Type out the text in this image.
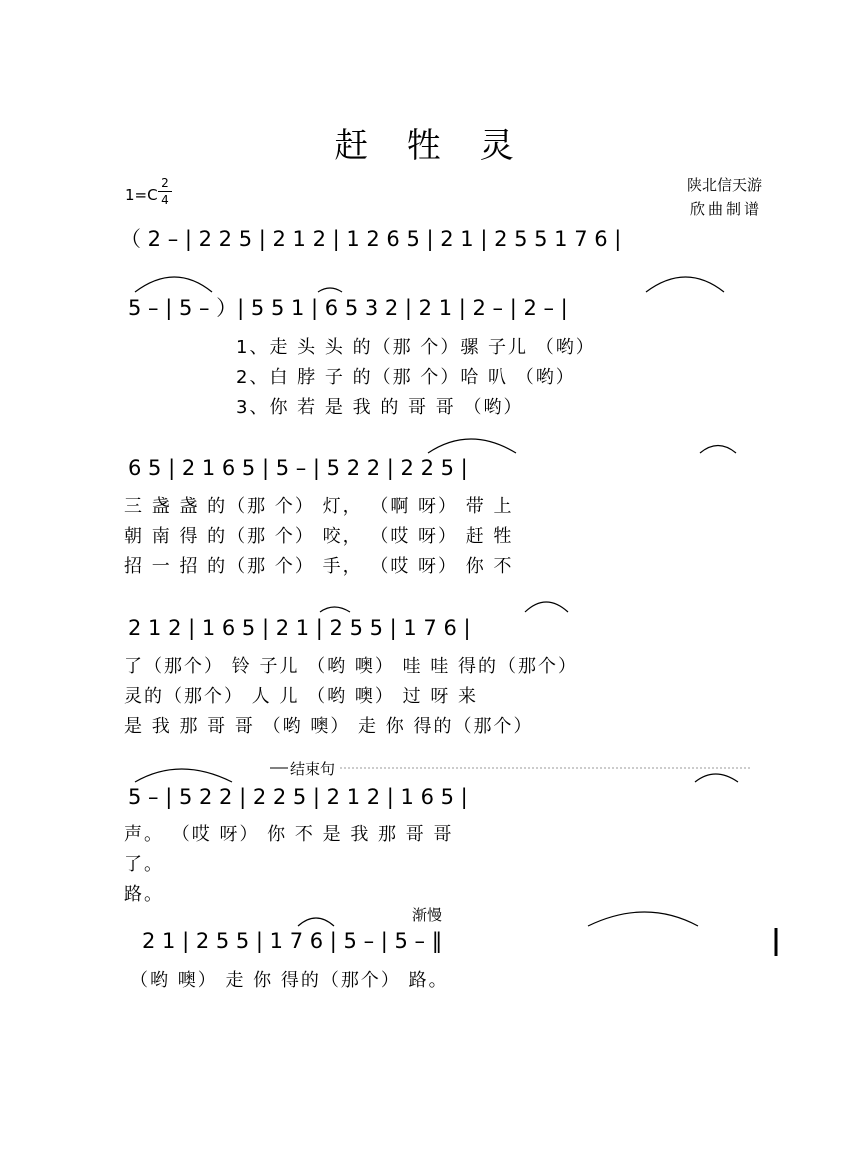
赶 牲 灵
1=C
2
4
陕北信天游
欣曲制谱
（ 2 – | 2 2 5 | 2 1 2 | 1 2 6 5 | 2 1 | 2 5 5 1 7 6 |
5 – | 5 – ）| 5 5 1 | 6 5 3 2 | 2 1 | 2 – | 2 – |
1、走 头 头 的（那 个）骡 子儿 （哟）
2、白 脖 子 的（那 个）哈 叭 （哟）
3、你 若 是 我 的 哥 哥 （哟）
6 5 | 2 1 6 5 | 5 – | 5 2 2 | 2 2 5 |
三 盏 盏 的（那 个） 灯， （啊 呀） 带 上
朝 南 得 的（那 个） 咬， （哎 呀） 赶 牲
招 一 招 的（那 个） 手， （哎 呀） 你 不
2 1 2 | 1 6 5 | 2 1 | 2 5 5 | 1 7 6 |
了（那个） 铃 子儿 （哟 噢） 哇 哇 得的（那个）
灵的（那个） 人 儿 （哟 噢） 过 呀 来
是 我 那 哥 哥 （哟 噢） 走 你 得的（那个）
结束句
5 – | 5 2 2 | 2 2 5 | 2 1 2 | 1 6 5 |
声。 （哎 呀） 你 不 是 我 那 哥 哥
了。
路。
渐慢
2 1 | 2 5 5 | 1 7 6 | 5 – | 5 – ‖
（哟 噢） 走 你 得的（那个） 路。
